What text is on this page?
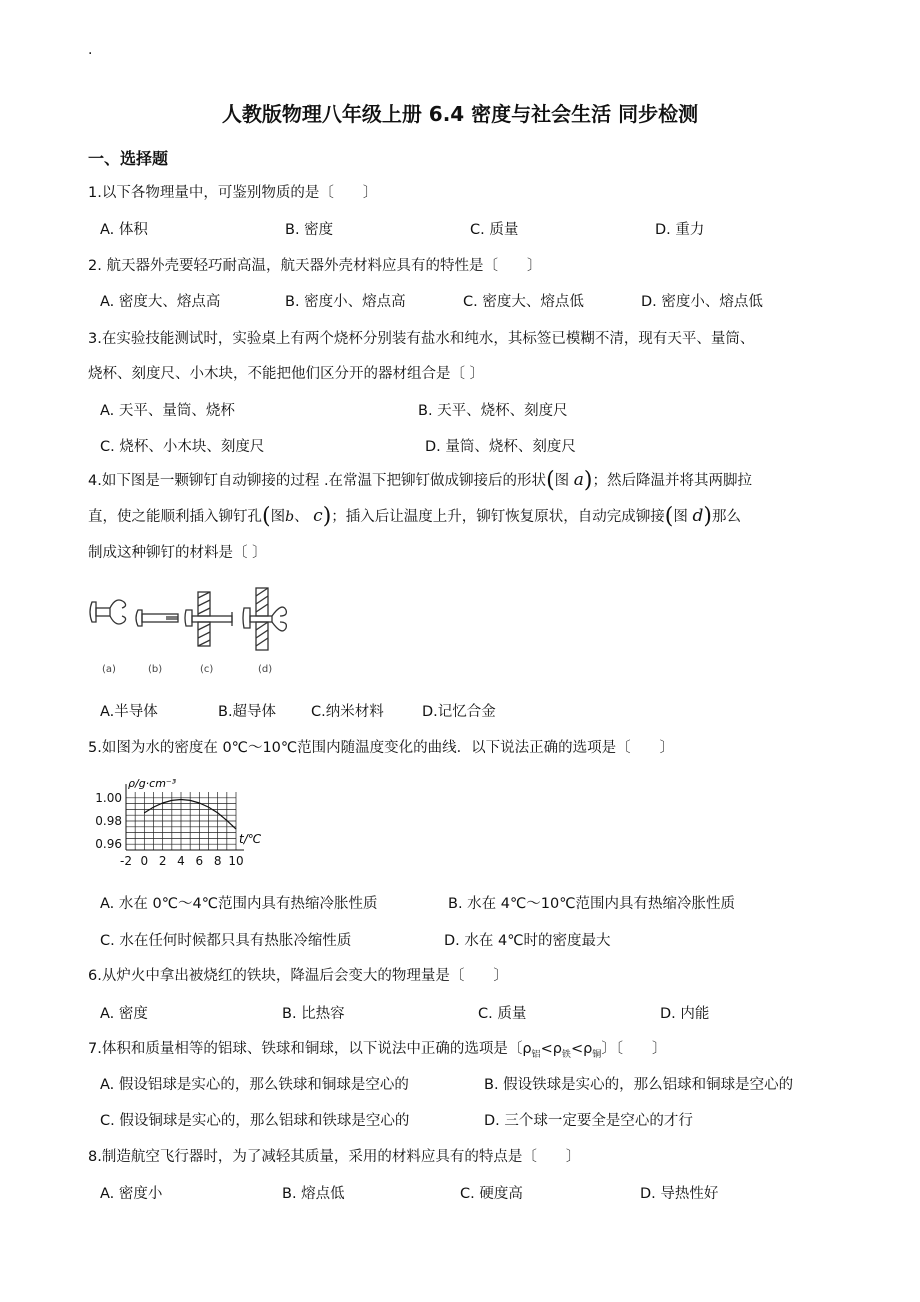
.
人教版物理八年级上册 6.4 密度与社会生活 同步检测
一、选择题
1.以下各物理量中，可鉴别物质的是〔　　〕
A. 体积	B. 密度	C. 质量	D. 重力
2. 航天器外壳要轻巧耐高温，航天器外壳材料应具有的特性是〔　　〕
A. 密度大、熔点高	B. 密度小、熔点高	C. 密度大、熔点低	D. 密度小、熔点低
3.在实验技能测试时，实验桌上有两个烧杯分别装有盐水和纯水，其标签已模糊不清，现有天平、量筒、
烧杯、刻度尺、小木块，不能把他们区分开的器材组合是〔 〕
A. 天平、量筒、烧杯	B. 天平、烧杯、刻度尺
C. 烧杯、小木块、刻度尺	D. 量筒、烧杯、刻度尺
4.如下图是一颗铆钉自动铆接的过程 .在常温下把铆钉做成铆接后的形状(图 a)；然后降温并将其两脚拉
直，使之能顺利插入铆钉孔(图b、 c)；插入后让温度上升，铆钉恢复原状，自动完成铆接(图 d)那么
制成这种铆钉的材料是〔 〕
(a)	(b)	(c)	(d)
A.半导体	B.超导体 C.纳米材料	D.记忆合金
5.如图为水的密度在 0℃～10℃范围内随温度变化的曲线．以下说法正确的选项是〔　　〕
-2 0 2 4 6 8 10
1.00
0.98
0.96
ρ/g·cm⁻³
t/℃
A. 水在 0℃～4℃范围内具有热缩冷胀性质	B. 水在 4℃～10℃范围内具有热缩冷胀性质
C. 水在任何时候都只具有热胀冷缩性质	D. 水在 4℃时的密度最大
6.从炉火中拿出被烧红的铁块，降温后会变大的物理量是〔　　〕
A. 密度	B. 比热容	C. 质量	D. 内能
7.体积和质量相等的铝球、铁球和铜球，以下说法中正确的选项是〔$\rho_铝<\rho_铁<\rho_铜$〕〔　　〕
A. 假设铝球是实心的，那么铁球和铜球是空心的	B. 假设铁球是实心的，那么铝球和铜球是空心的
C. 假设铜球是实心的，那么铝球和铁球是空心的	D. 三个球一定要全是空心的才行
8.制造航空飞行器时，为了减轻其质量，采用的材料应具有的特点是〔　　〕
A. 密度小	B. 熔点低	C. 硬度高	D. 导热性好
